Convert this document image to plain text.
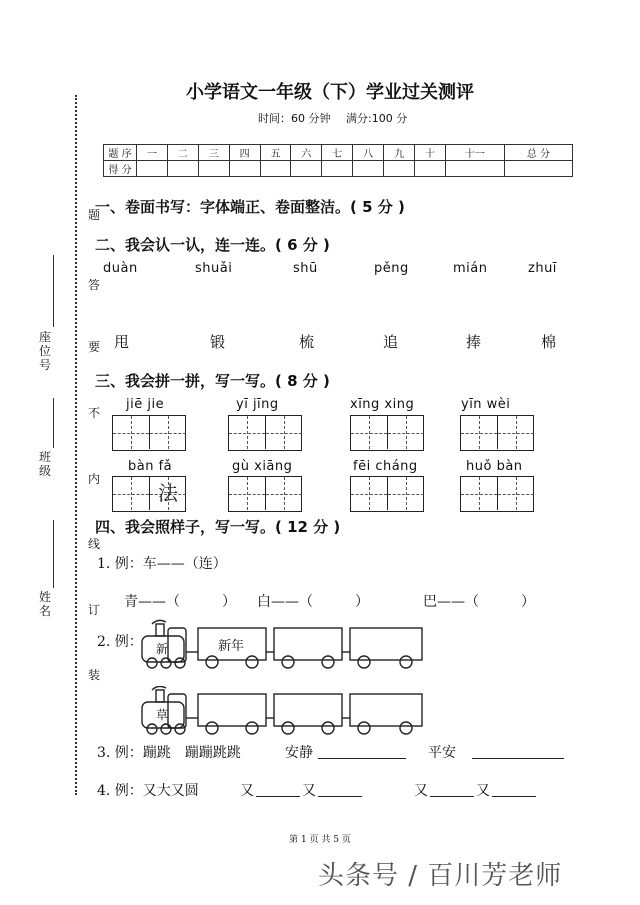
题
答
要
不
内
线
订
装
座位号
班级
姓名
小学语文一年级（下）学业过关测评
时间：60 分钟 满分:100 分
题 序	一	二	三	四	五	六	七	八	九	十	十一	总 分
得 分												
一、卷面书写：字体端正、卷面整洁。( 5 分 )
二、我会认一认，连一连。( 6 分 )
duàn	shuǎi	shū	pěng	mián	zhuī
甩	锻	梳	追	捧	棉
三、我会拼一拼，写一写。( 8 分 )
jiē jie	yī jīng	xīng xing	yīn wèi
bàn fǎ	gù xiāng	fēi cháng	huǒ bàn
法
四、我会照样子，写一写。( 12 分 )
1. 例：车——（连）
青——（　　　） 白——（　　　）	巴——（　　　）
2. 例： 新	新年
草
3. 例：蹦跳　蹦蹦跳跳	安静	平安
4. 例：又大又圆	又	又	又	又
第 1 页 共 5 页
头条号 / 百川芳老师
